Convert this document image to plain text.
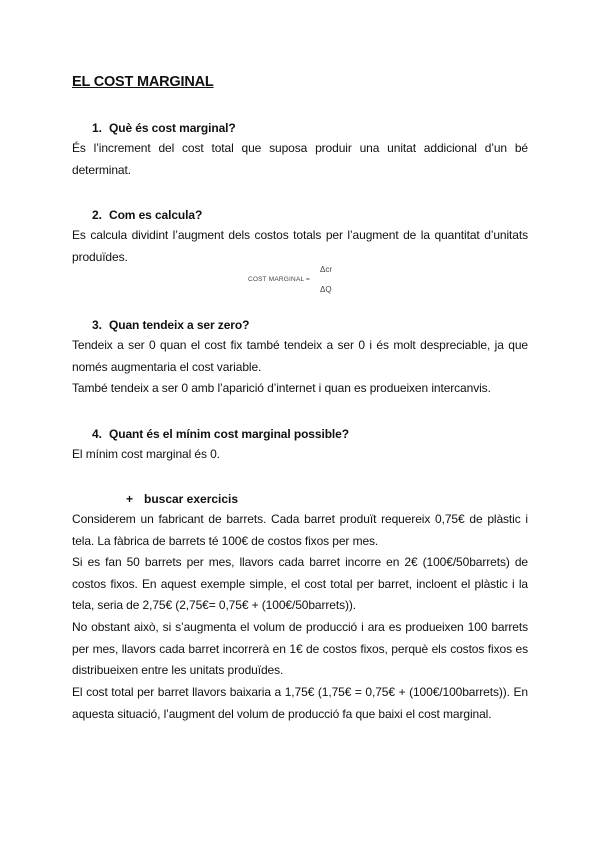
EL COST MARGINAL
1. Què és cost marginal?
És l’increment del cost total que suposa produir una unitat addicional d’un bé determinat.
2. Com es calcula?
Es calcula dividint l’augment dels costos totals per l’augment de la quantitat d’unitats produïdes.
COST MARGINAL =
Δcr
ΔQ
3. Quan tendeix a ser zero?
Tendeix a ser 0 quan el cost fix també tendeix a ser 0 i és molt despreciable, ja que només augmentaria el cost variable.
També tendeix a ser 0 amb l’aparició d’internet i quan es produeixen intercanvis.
4. Quant és el mínim cost marginal possible?
El mínim cost marginal és 0.
+ buscar exercicis
Considerem un fabricant de barrets. Cada barret produït requereix 0,75€ de plàstic i tela. La fàbrica de barrets té 100€ de costos fixos per mes.
Si es fan 50 barrets per mes, llavors cada barret incorre en 2€ (100€/50barrets) de costos fixos. En aquest exemple simple, el cost total per barret, incloent el plàstic i la tela, seria de 2,75€ (2,75€= 0,75€ + (100€/50barrets)).
No obstant això, si s’augmenta el volum de producció i ara es produeixen 100 barrets per mes, llavors cada barret incorrerà en 1€ de costos fixos, perquè els costos fixos es distribueixen entre les unitats produïdes.
El cost total per barret llavors baixaria a 1,75€ (1,75€ = 0,75€ + (100€/100barrets)). En aquesta situació, l’augment del volum de producció fa que baixi el cost marginal.
